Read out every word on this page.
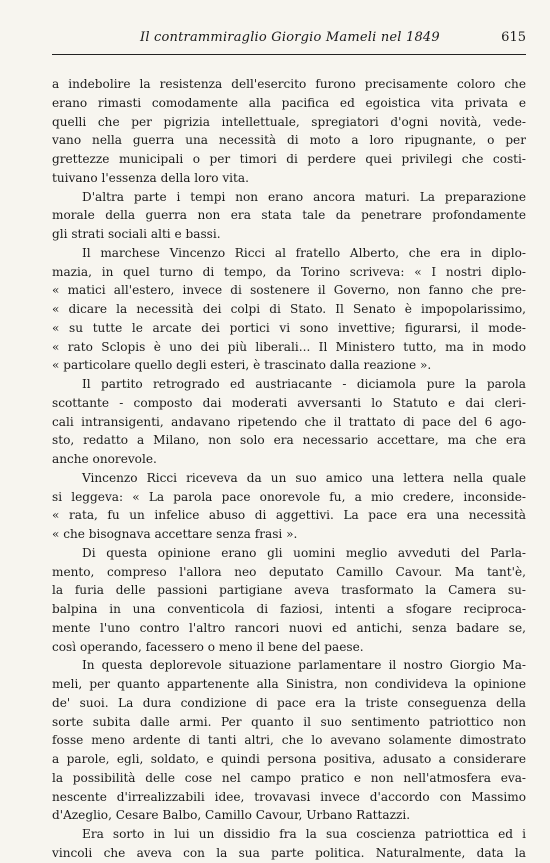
Il contrammiraglio Giorgio Mameli nel 1849	615
a indebolire la resistenza dell'esercito furono precisamente coloro che
erano rimasti comodamente alla pacifica ed egoistica vita privata e
quelli che per pigrizia intellettuale, spregiatori d'ogni novità, vede-
vano nella guerra una necessità di moto a loro ripugnante, o per
grettezze municipali o per timori di perdere quei privilegi che costi-
tuivano l'essenza della loro vita.
D'altra parte i tempi non erano ancora maturi. La preparazione
morale della guerra non era stata tale da penetrare profondamente
gli strati sociali alti e bassi.
Il marchese Vincenzo Ricci al fratello Alberto, che era in diplo-
mazia, in quel turno di tempo, da Torino scriveva: « I nostri diplo-
« matici all'estero, invece di sostenere il Governo, non fanno che pre-
« dicare la necessità dei colpi di Stato. Il Senato è impopolarissimo,
« su tutte le arcate dei portici vi sono invettive; figurarsi, il mode-
« rato Sclopis è uno dei più liberali... Il Ministero tutto, ma in modo
« particolare quello degli esteri, è trascinato dalla reazione ».
Il partito retrogrado ed austriacante - diciamola pure la parola
scottante - composto dai moderati avversanti lo Statuto e dai cleri-
cali intransigenti, andavano ripetendo che il trattato di pace del 6 ago-
sto, redatto a Milano, non solo era necessario accettare, ma che era
anche onorevole.
Vincenzo Ricci riceveva da un suo amico una lettera nella quale
si leggeva: « La parola pace onorevole fu, a mio credere, inconside-
« rata, fu un infelice abuso di aggettivi. La pace era una necessità
« che bisognava accettare senza frasi ».
Di questa opinione erano gli uomini meglio avveduti del Parla-
mento, compreso l'allora neo deputato Camillo Cavour. Ma tant'è,
la furia delle passioni partigiane aveva trasformato la Camera su-
balpina in una conventicola di faziosi, intenti a sfogare reciproca-
mente l'uno contro l'altro rancori nuovi ed antichi, senza badare se,
così operando, facessero o meno il bene del paese.
In questa deplorevole situazione parlamentare il nostro Giorgio Ma-
meli, per quanto appartenente alla Sinistra, non condivideva la opinione
de' suoi. La dura condizione di pace era la triste conseguenza della
sorte subita dalle armi. Per quanto il suo sentimento patriottico non
fosse meno ardente di tanti altri, che lo avevano solamente dimostrato
a parole, egli, soldato, e quindi persona positiva, adusato a considerare
la possibilità delle cose nel campo pratico e non nell'atmosfera eva-
nescente d'irrealizzabili idee, trovavasi invece d'accordo con Massimo
d'Azeglio, Cesare Balbo, Camillo Cavour, Urbano Rattazzi.
Era sorto in lui un dissidio fra la sua coscienza patriottica ed i
vincoli che aveva con la sua parte politica. Naturalmente, data la
